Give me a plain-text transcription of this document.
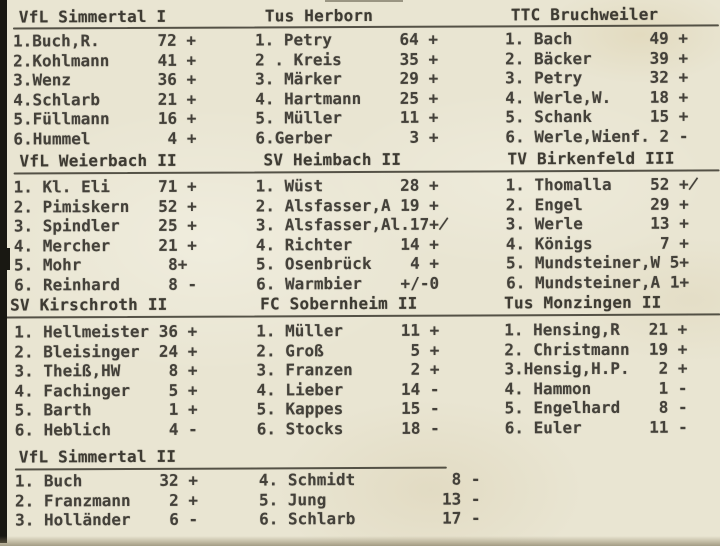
VfL Simmertal I
1.Buch,R.      72 +
2.Kohlmann     41 +
3.Wenz         36 +
4.Schlarb      21 +
5.Füllmann     16 +
6.Hummel        4 +
Tus Herborn
1. Petry       64 +
2 . Kreis      35 +
3. Märker      29 +
4. Hartmann    25 +
5. Müller      11 +
6.Gerber        3 +
TTC Bruchweiler
1. Bach        49 +
2. Bäcker      39 +
3. Petry       32 +
4. Werle,W.    18 +
5. Schank      15 +
6. Werle,Wienf. 2 -
VfL Weierbach II
1. Kl. Eli     71 +
2. Pimiskern   52 +
3. Spindler    25 +
4. Mercher     21 +
5. Mohr         8+
6. Reinhard     8 -
SV Heimbach II
1. Wüst        28 +
2. Alsfasser,A 19 +
3. Alsfasser,Al.17+̸
4. Richter     14 +
5. Osenbrück    4 +
6. Warmbier    +/-0
TV Birkenfeld III
1. Thomalla    52 +̸
2. Engel       29 +
3. Werle       13 +
4. Königs       7 +
5. Mundsteiner,W 5+
6. Mundsteiner,A 1+
SV Kirschroth II
1. Hellmeister 36 +
2. Bleisinger  24 +
3. Theiß,HW     8 +
4. Fachinger    5 +
5. Barth        1 +
6. Heblich      4 -
FC Sobernheim II
1. Müller      11 +
2. Groß         5 +
3. Franzen      2 +
4. Lieber      14 -
5. Kappes      15 -
6. Stocks      18 -
Tus Monzingen II
1. Hensing,R   21 +
2. Christmann  19 +
3.Hensig,H.P.   2 +
4. Hammon       1 -
5. Engelhard    8 -
6. Euler       11 -
VfL Simmertal II
1. Buch        32 +
2. Franzmann    2 +
3. Holländer    6 -
4. Schmidt          8 -
5. Jung            13 -
6. Schlarb         17 -
